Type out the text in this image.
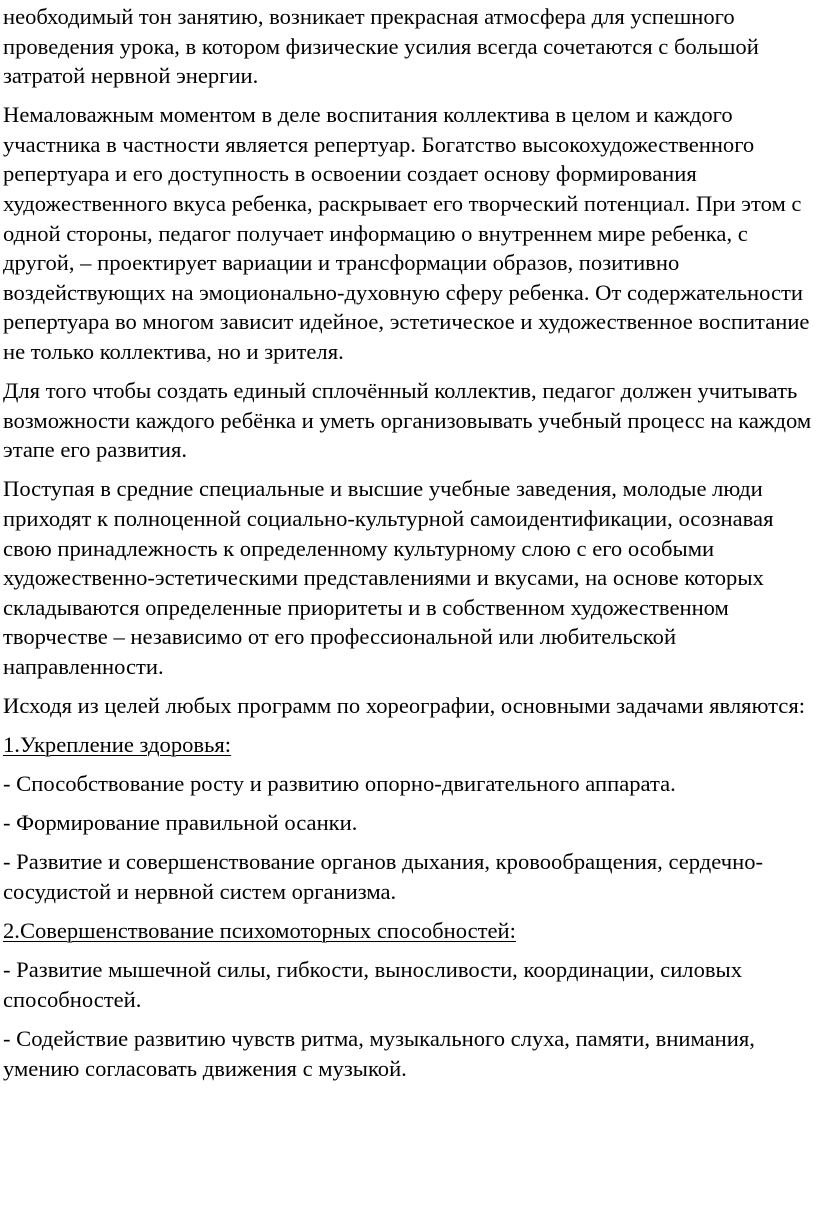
необходимый тон занятию, возникает прекрасная атмосфера для успешного проведения урока, в котором физические усилия всегда сочетаются с большой затратой нервной энергии.

Немаловажным моментом в деле воспитания коллектива в целом и каждого участника в частности является репертуар. Богатство высокохудожественного репертуара и его доступность в освоении создает основу формирования художественного вкуса ребенка, раскрывает его творческий потенциал. При этом с одной стороны, педагог получает информацию о внутреннем мире ребенка, с другой, – проектирует вариации и трансформации образов, позитивно воздействующих на эмоционально-духовную сферу ребенка. От содержательности репертуара во многом зависит идейное, эстетическое и художественное воспитание не только коллектива, но и зрителя.

Для того чтобы создать единый сплочённый коллектив, педагог должен учитывать возможности каждого ребёнка и уметь организовывать учебный процесс на каждом этапе его развития.

Поступая в средние специальные и высшие учебные заведения, молодые люди приходят к полноценной социально-культурной самоидентификации, осознавая свою принадлежность к определенному культурному слою с его особыми художественно-эстетическими представлениями и вкусами, на основе которых складываются определенные приоритеты и в собственном художественном творчестве – независимо от его профессиональной или любительской направленности.

Исходя из целей любых программ по хореографии, основными задачами являются:

1.Укрепление здоровья:

- Способствование росту и развитию опорно-двигательного аппарата.

- Формирование правильной осанки.

- Развитие и совершенствование органов дыхания, кровообращения, сердечно-сосудистой и нервной систем организма.

2.Совершенствование психомоторных способностей:

- Развитие мышечной силы, гибкости, выносливости, координации, силовых способностей.

- Содействие развитию чувств ритма, музыкального слуха, памяти, внимания, умению согласовать движения с музыкой.
